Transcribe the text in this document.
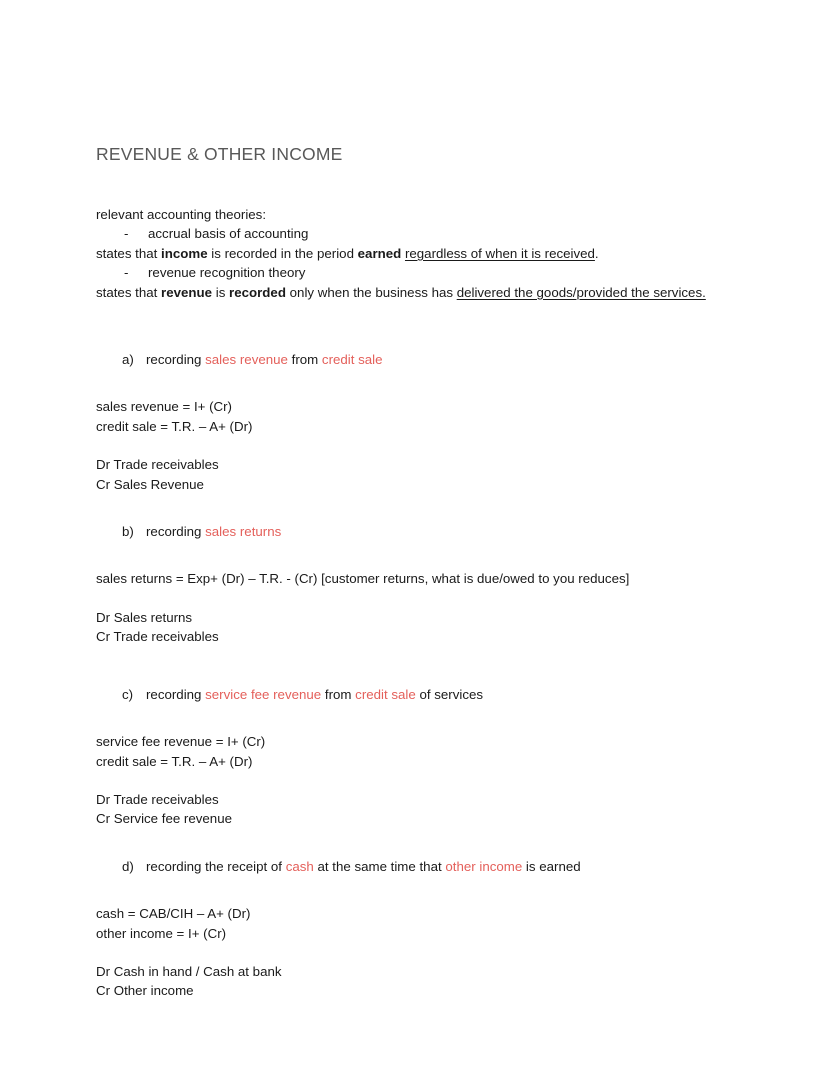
REVENUE & OTHER INCOME

relevant accounting theories:

- accrual basis of accounting

states that income is recorded in the period earned regardless of when it is received.

- revenue recognition theory

states that revenue is recorded only when the business has delivered the goods/provided the services.

a) recording sales revenue from credit sale

sales revenue = I+ (Cr)

credit sale = T.R. – A+ (Dr)

Dr Trade receivables

Cr Sales Revenue

b) recording sales returns

sales returns = Exp+ (Dr) – T.R. - (Cr) [customer returns, what is due/owed to you reduces]

Dr Sales returns

Cr Trade receivables

c) recording service fee revenue from credit sale of services

service fee revenue = I+ (Cr)

credit sale = T.R. – A+ (Dr)

Dr Trade receivables

Cr Service fee revenue

d) recording the receipt of cash at the same time that other income is earned

cash = CAB/CIH – A+ (Dr)

other income = I+ (Cr)

Dr Cash in hand / Cash at bank

Cr Other income
